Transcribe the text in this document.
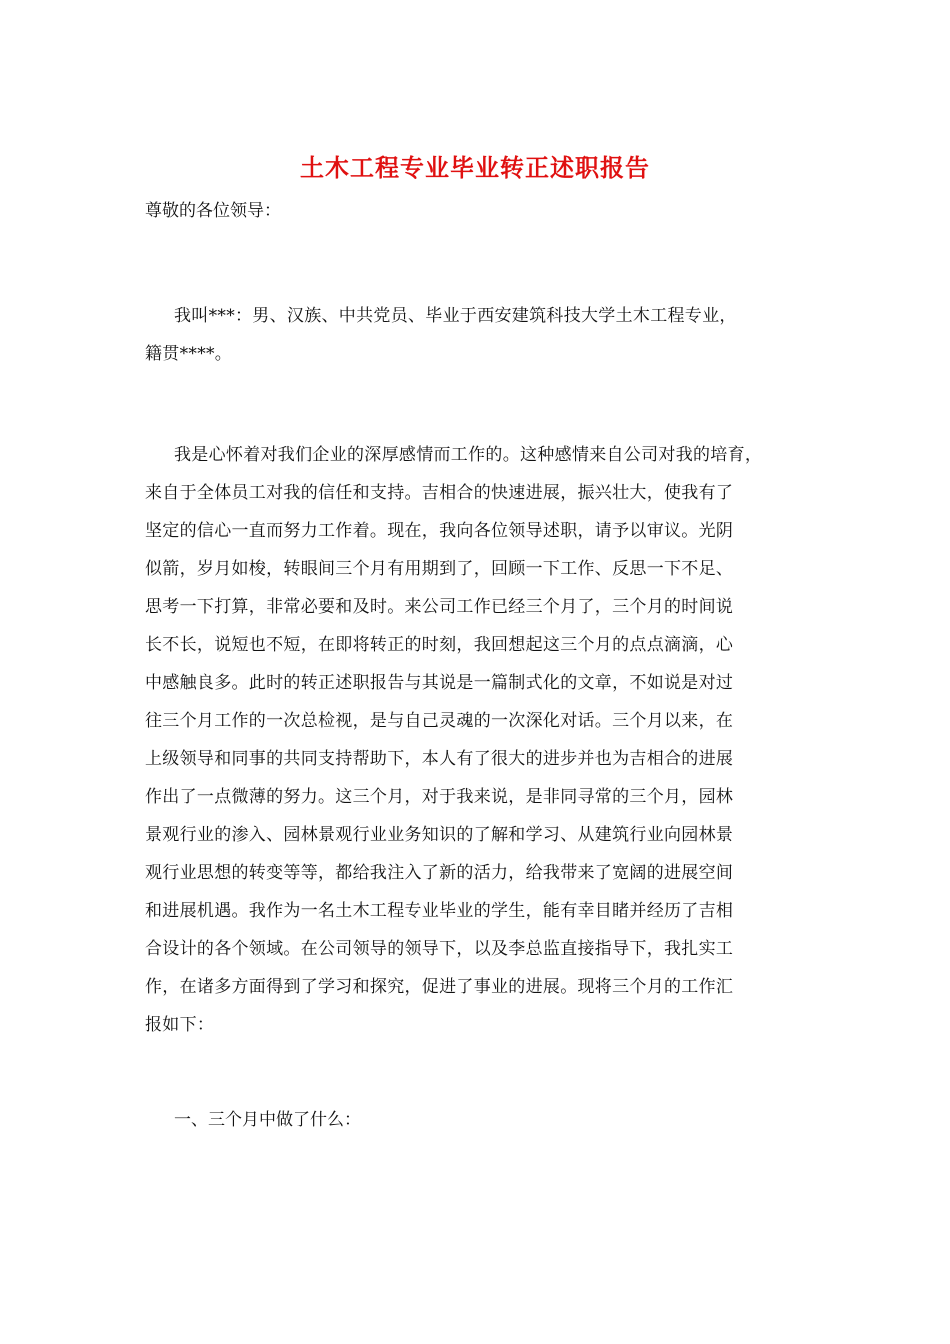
土木工程专业毕业转正述职报告
尊敬的各位领导：
我叫***：男、汉族、中共党员、毕业于西安建筑科技大学土木工程专业，
籍贯****。
我是心怀着对我们企业的深厚感情而工作的。这种感情来自公司对我的培育，
来自于全体员工对我的信任和支持。吉相合的快速进展，振兴壮大，使我有了
坚定的信心一直而努力工作着。现在，我向各位领导述职，请予以审议。光阴
似箭，岁月如梭，转眼间三个月有用期到了，回顾一下工作、反思一下不足、
思考一下打算，非常必要和及时。来公司工作已经三个月了，三个月的时间说
长不长，说短也不短，在即将转正的时刻，我回想起这三个月的点点滴滴，心
中感触良多。此时的转正述职报告与其说是一篇制式化的文章，不如说是对过
往三个月工作的一次总检视，是与自己灵魂的一次深化对话。三个月以来，在
上级领导和同事的共同支持帮助下，本人有了很大的进步并也为吉相合的进展
作出了一点微薄的努力。这三个月，对于我来说，是非同寻常的三个月，园林
景观行业的渗入、园林景观行业业务知识的了解和学习、从建筑行业向园林景
观行业思想的转变等等，都给我注入了新的活力，给我带来了宽阔的进展空间
和进展机遇。我作为一名土木工程专业毕业的学生，能有幸目睹并经历了吉相
合设计的各个领域。在公司领导的领导下，以及李总监直接指导下，我扎实工
作，在诸多方面得到了学习和探究，促进了事业的进展。现将三个月的工作汇
报如下：
一、三个月中做了什么：
